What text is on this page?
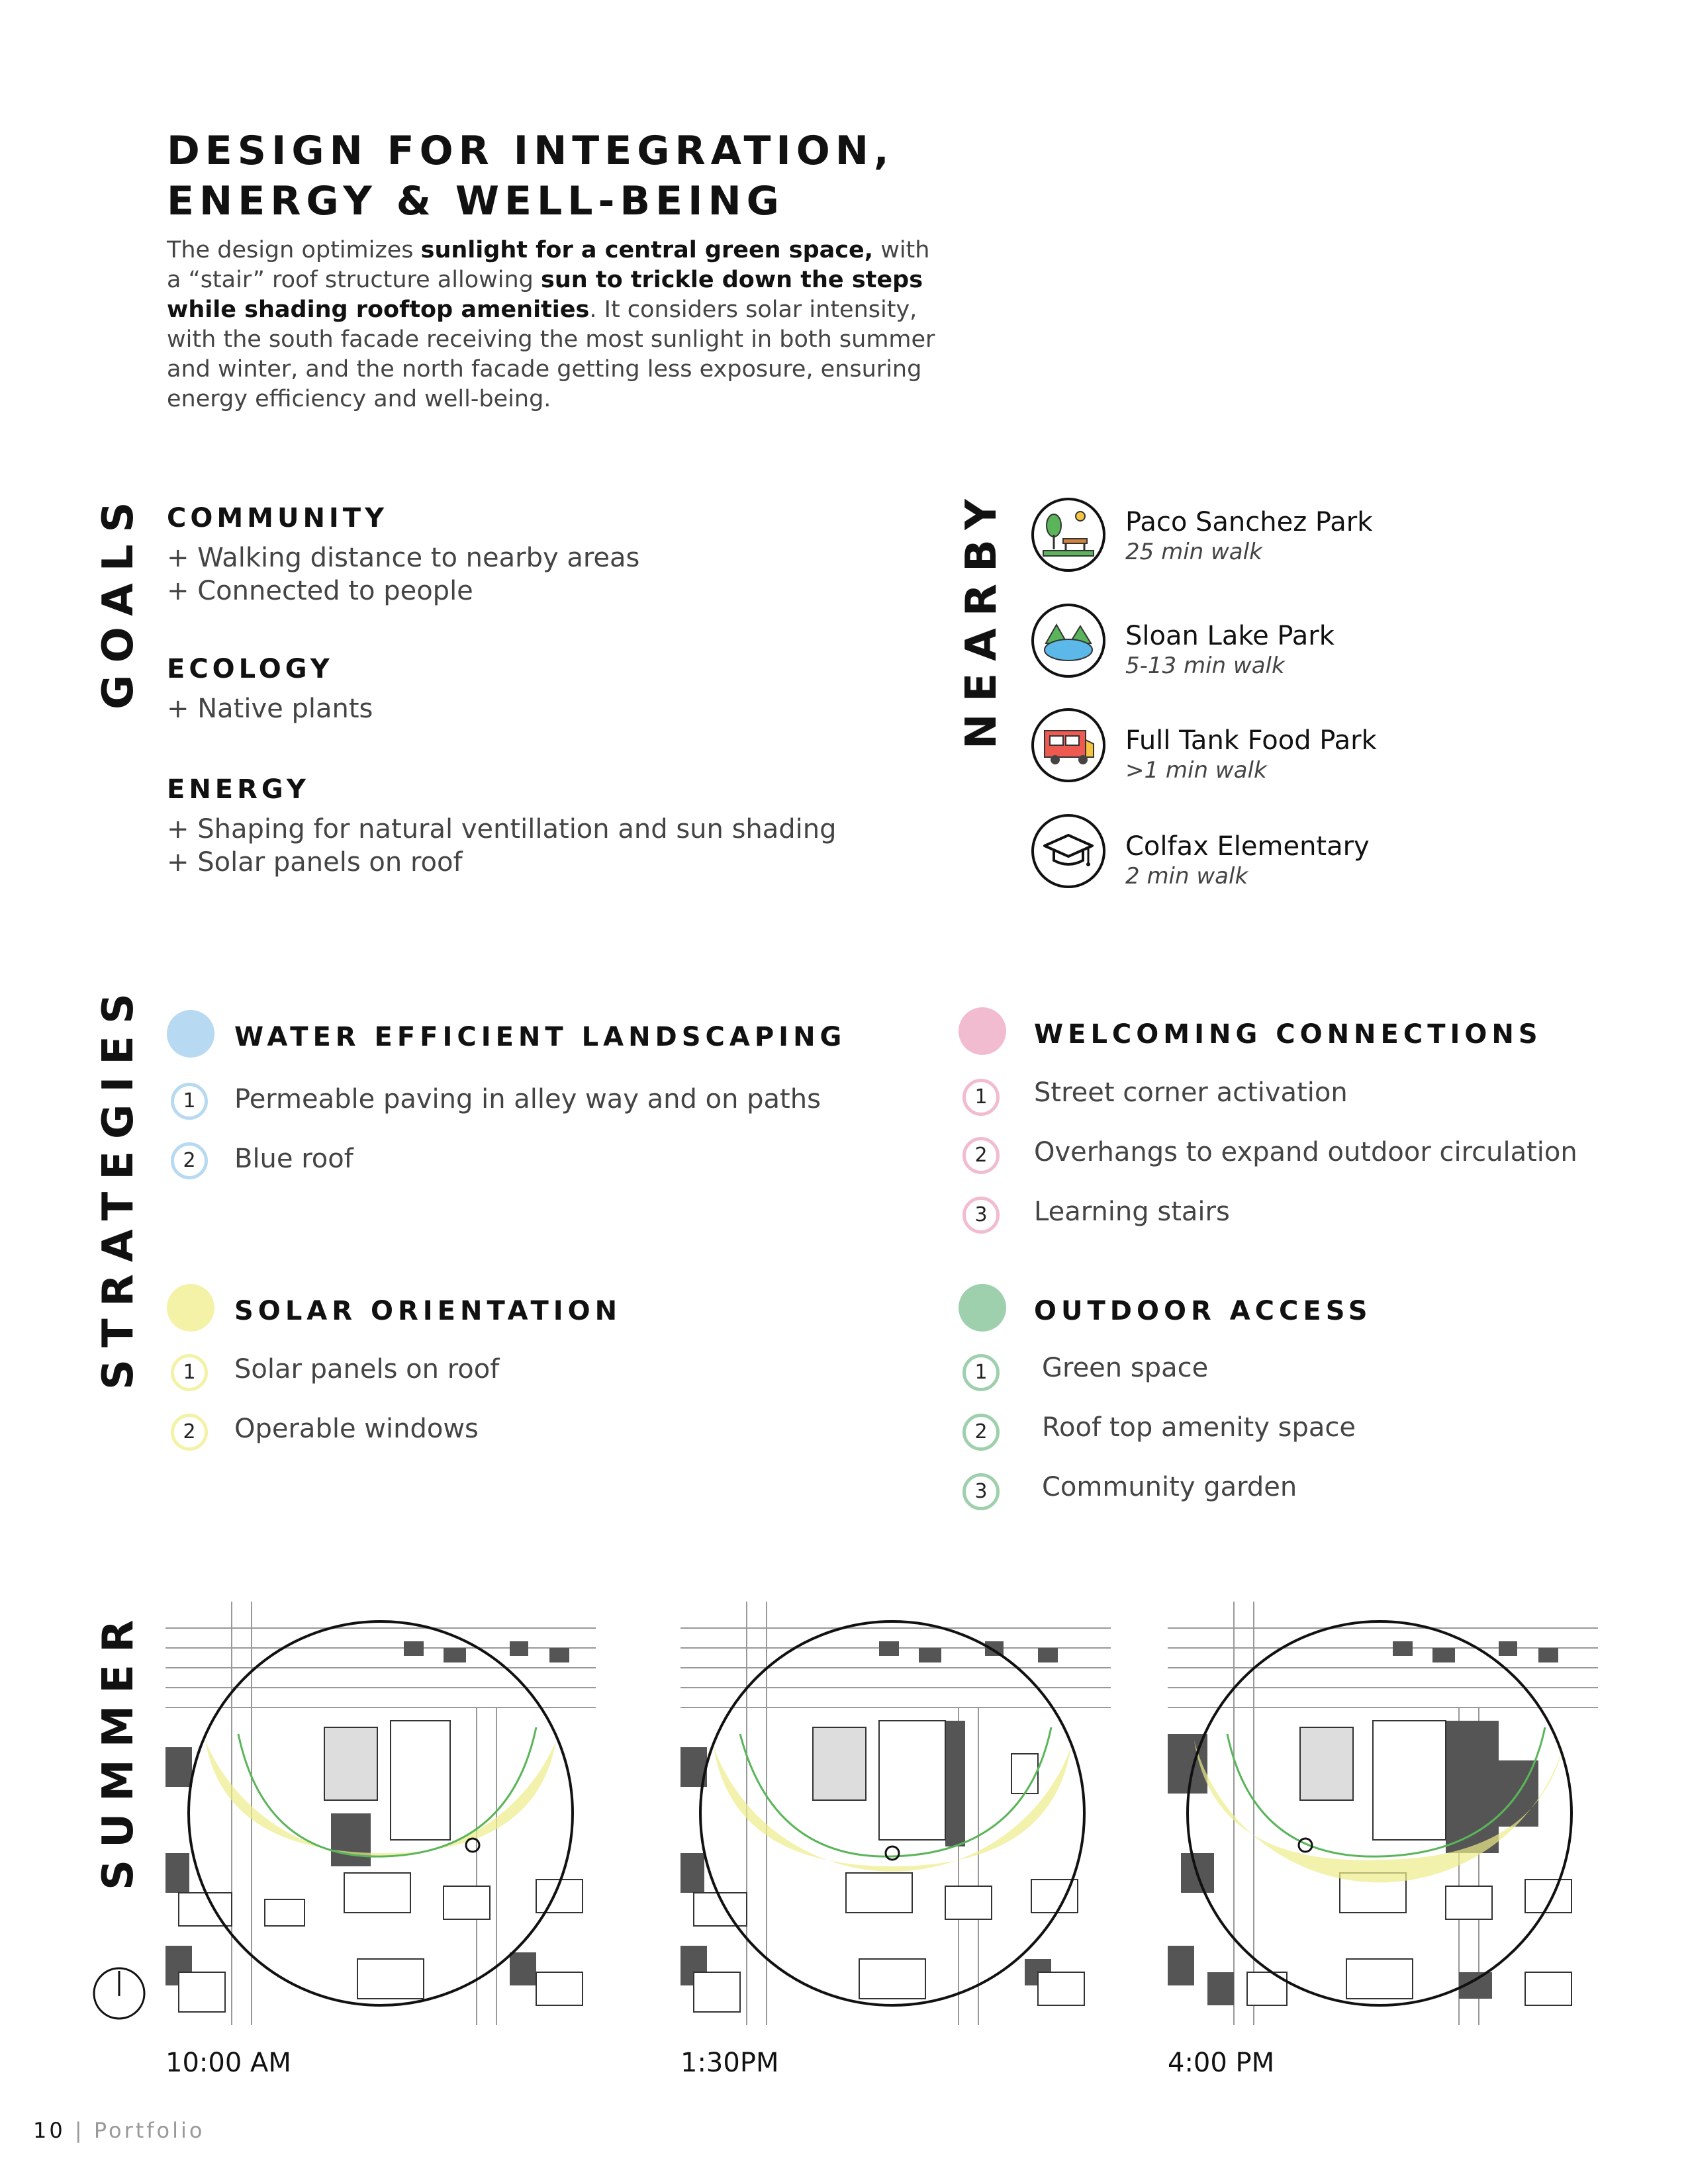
DESIGN FOR INTEGRATION,
ENERGY & WELL-BEING

The design optimizes sunlight for a central green space, with a “stair” roof structure allowing sun to trickle down the steps while shading rooftop amenities. It considers solar intensity, with the south facade receiving the most sunlight in both summer and winter, and the north facade getting less exposure, ensuring energy efficiency and well-being.

GOALS COMMUNITY
+ Walking distance to nearby areas
+ Connected to people
ECOLOGY
+ Native plants
ENERGY
+ Shaping for natural ventillation and sun shading
+ Solar panels on roof
NEARBY	Paco Sanchez Park
25 min walk
Sloan Lake Park
5-13 min walk
Full Tank Food Park
>1 min walk
Colfax Elementary
2 min walk
STRATEGIES	WATER EFFICIENT LANDSCAPING
1	Permeable paving in alley way and on paths
2	Blue roof
WELCOMING CONNECTIONS
1	Street corner activation
2	Overhangs to expand outdoor circulation
3	Learning stairs
SOLAR ORIENTATION
1	Solar panels on roof
2	Operable windows
OUTDOOR ACCESS
1	Green space
2	Roof top amenity space
3	Community garden
SUMMER
10:00 AM	1:30PM	4:00 PM
10 | Portfolio
